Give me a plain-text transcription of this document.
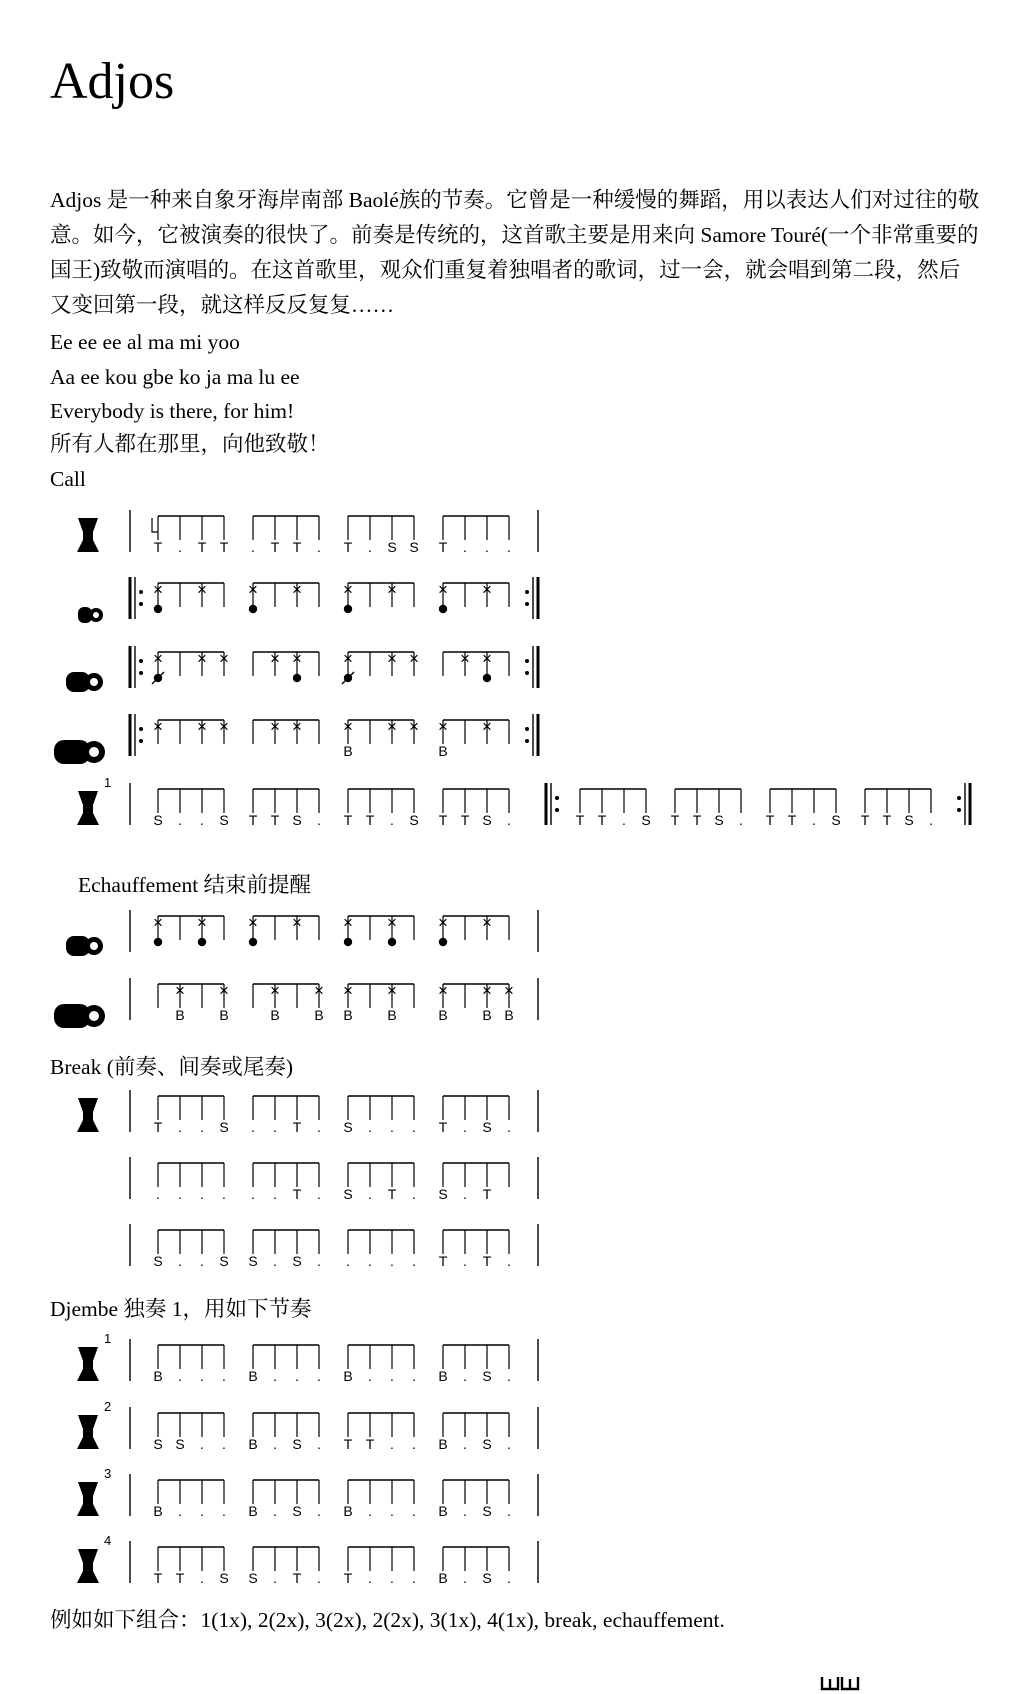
Adjos

Adjos 是一种来自象牙海岸南部 Baolé族的节奏。它曾是一种缓慢的舞蹈，用以表达人们对过往的敬意。如今，它被演奏的很快了。前奏是传统的，这首歌主要是用来向 Samore Touré(一个非常重要的国王)致敬而演唱的。在这首歌里，观众们重复着独唱者的歌词，过一会，就会唱到第二段，然后又变回第一段，就这样反反复复……

Ee ee ee al ma mi yoo
Aa ee kou gbe ko ja ma lu ee
Everybody is there, for him!
所有人都在那里，向他致敬！
Call
Echauffement 结束前提醒
Break (前奏、间奏或尾奏)
Djembe 独奏 1，用如下节奏
T . T T . T T . T . S S T . . .
× × × × × × × ×
× × × × × × × × × ×
× × × × × ×
B
× × ×
B
×
1
S . . S T T S . T T . S T T S .	T T . S T T S . T T . S T T S .
× × × × × × × ×
×
B
×
B
×
B
×
B
×
B
×
B
×
B
×
B
×
B
T . . S . . T . S . . . T . S .
. . . . . . T . S . T . S . T
S . . S S . S . . . . . T . T .
1
B . . . B . . . B . . . B . S .
2
S S . . B . S . T T . . B . S .
3
B . . . B . S . B . . . B . S .
4
T T . S S . T . T . . . B . S .
例如如下组合：1(1x), 2(2x), 3(2x), 2(2x), 3(1x), 4(1x), break, echauffement.
